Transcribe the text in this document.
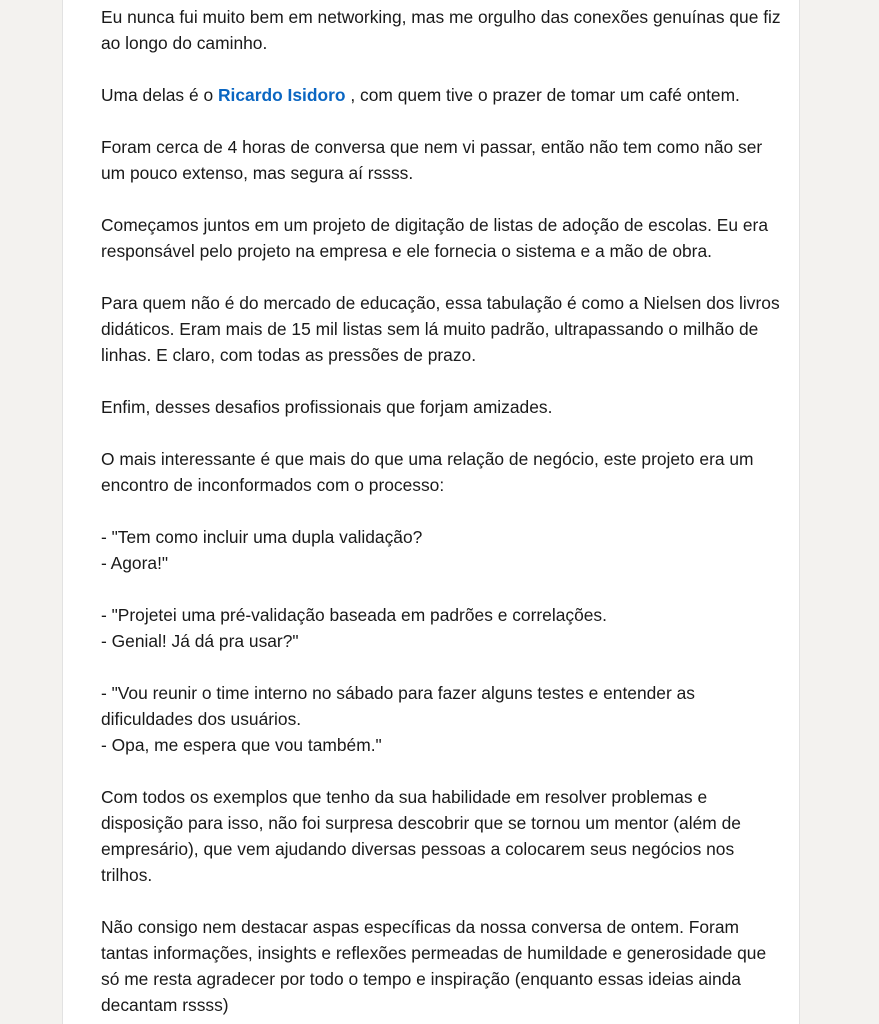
Eu nunca fui muito bem em networking, mas me orgulho das conexões genuínas que fiz ao longo do caminho.

Uma delas é o Ricardo Isidoro , com quem tive o prazer de tomar um café ontem.

Foram cerca de 4 horas de conversa que nem vi passar, então não tem como não ser um pouco extenso, mas segura aí rssss.

Começamos juntos em um projeto de digitação de listas de adoção de escolas. Eu era responsável pelo projeto na empresa e ele fornecia o sistema e a mão de obra.

Para quem não é do mercado de educação, essa tabulação é como a Nielsen dos livros didáticos. Eram mais de 15 mil listas sem lá muito padrão, ultrapassando o milhão de linhas. E claro, com todas as pressões de prazo.

Enfim, desses desafios profissionais que forjam amizades.

O mais interessante é que mais do que uma relação de negócio, este projeto era um encontro de inconformados com o processo:

- "Tem como incluir uma dupla validação?
- Agora!"

- "Projetei uma pré-validação baseada em padrões e correlações.
- Genial! Já dá pra usar?"

- "Vou reunir o time interno no sábado para fazer alguns testes e entender as dificuldades dos usuários.
- Opa, me espera que vou também."

Com todos os exemplos que tenho da sua habilidade em resolver problemas e disposição para isso, não foi surpresa descobrir que se tornou um mentor (além de empresário), que vem ajudando diversas pessoas a colocarem seus negócios nos trilhos.

Não consigo nem destacar aspas específicas da nossa conversa de ontem. Foram tantas informações, insights e reflexões permeadas de humildade e generosidade que só me resta agradecer por todo o tempo e inspiração (enquanto essas ideias ainda decantam rssss)
